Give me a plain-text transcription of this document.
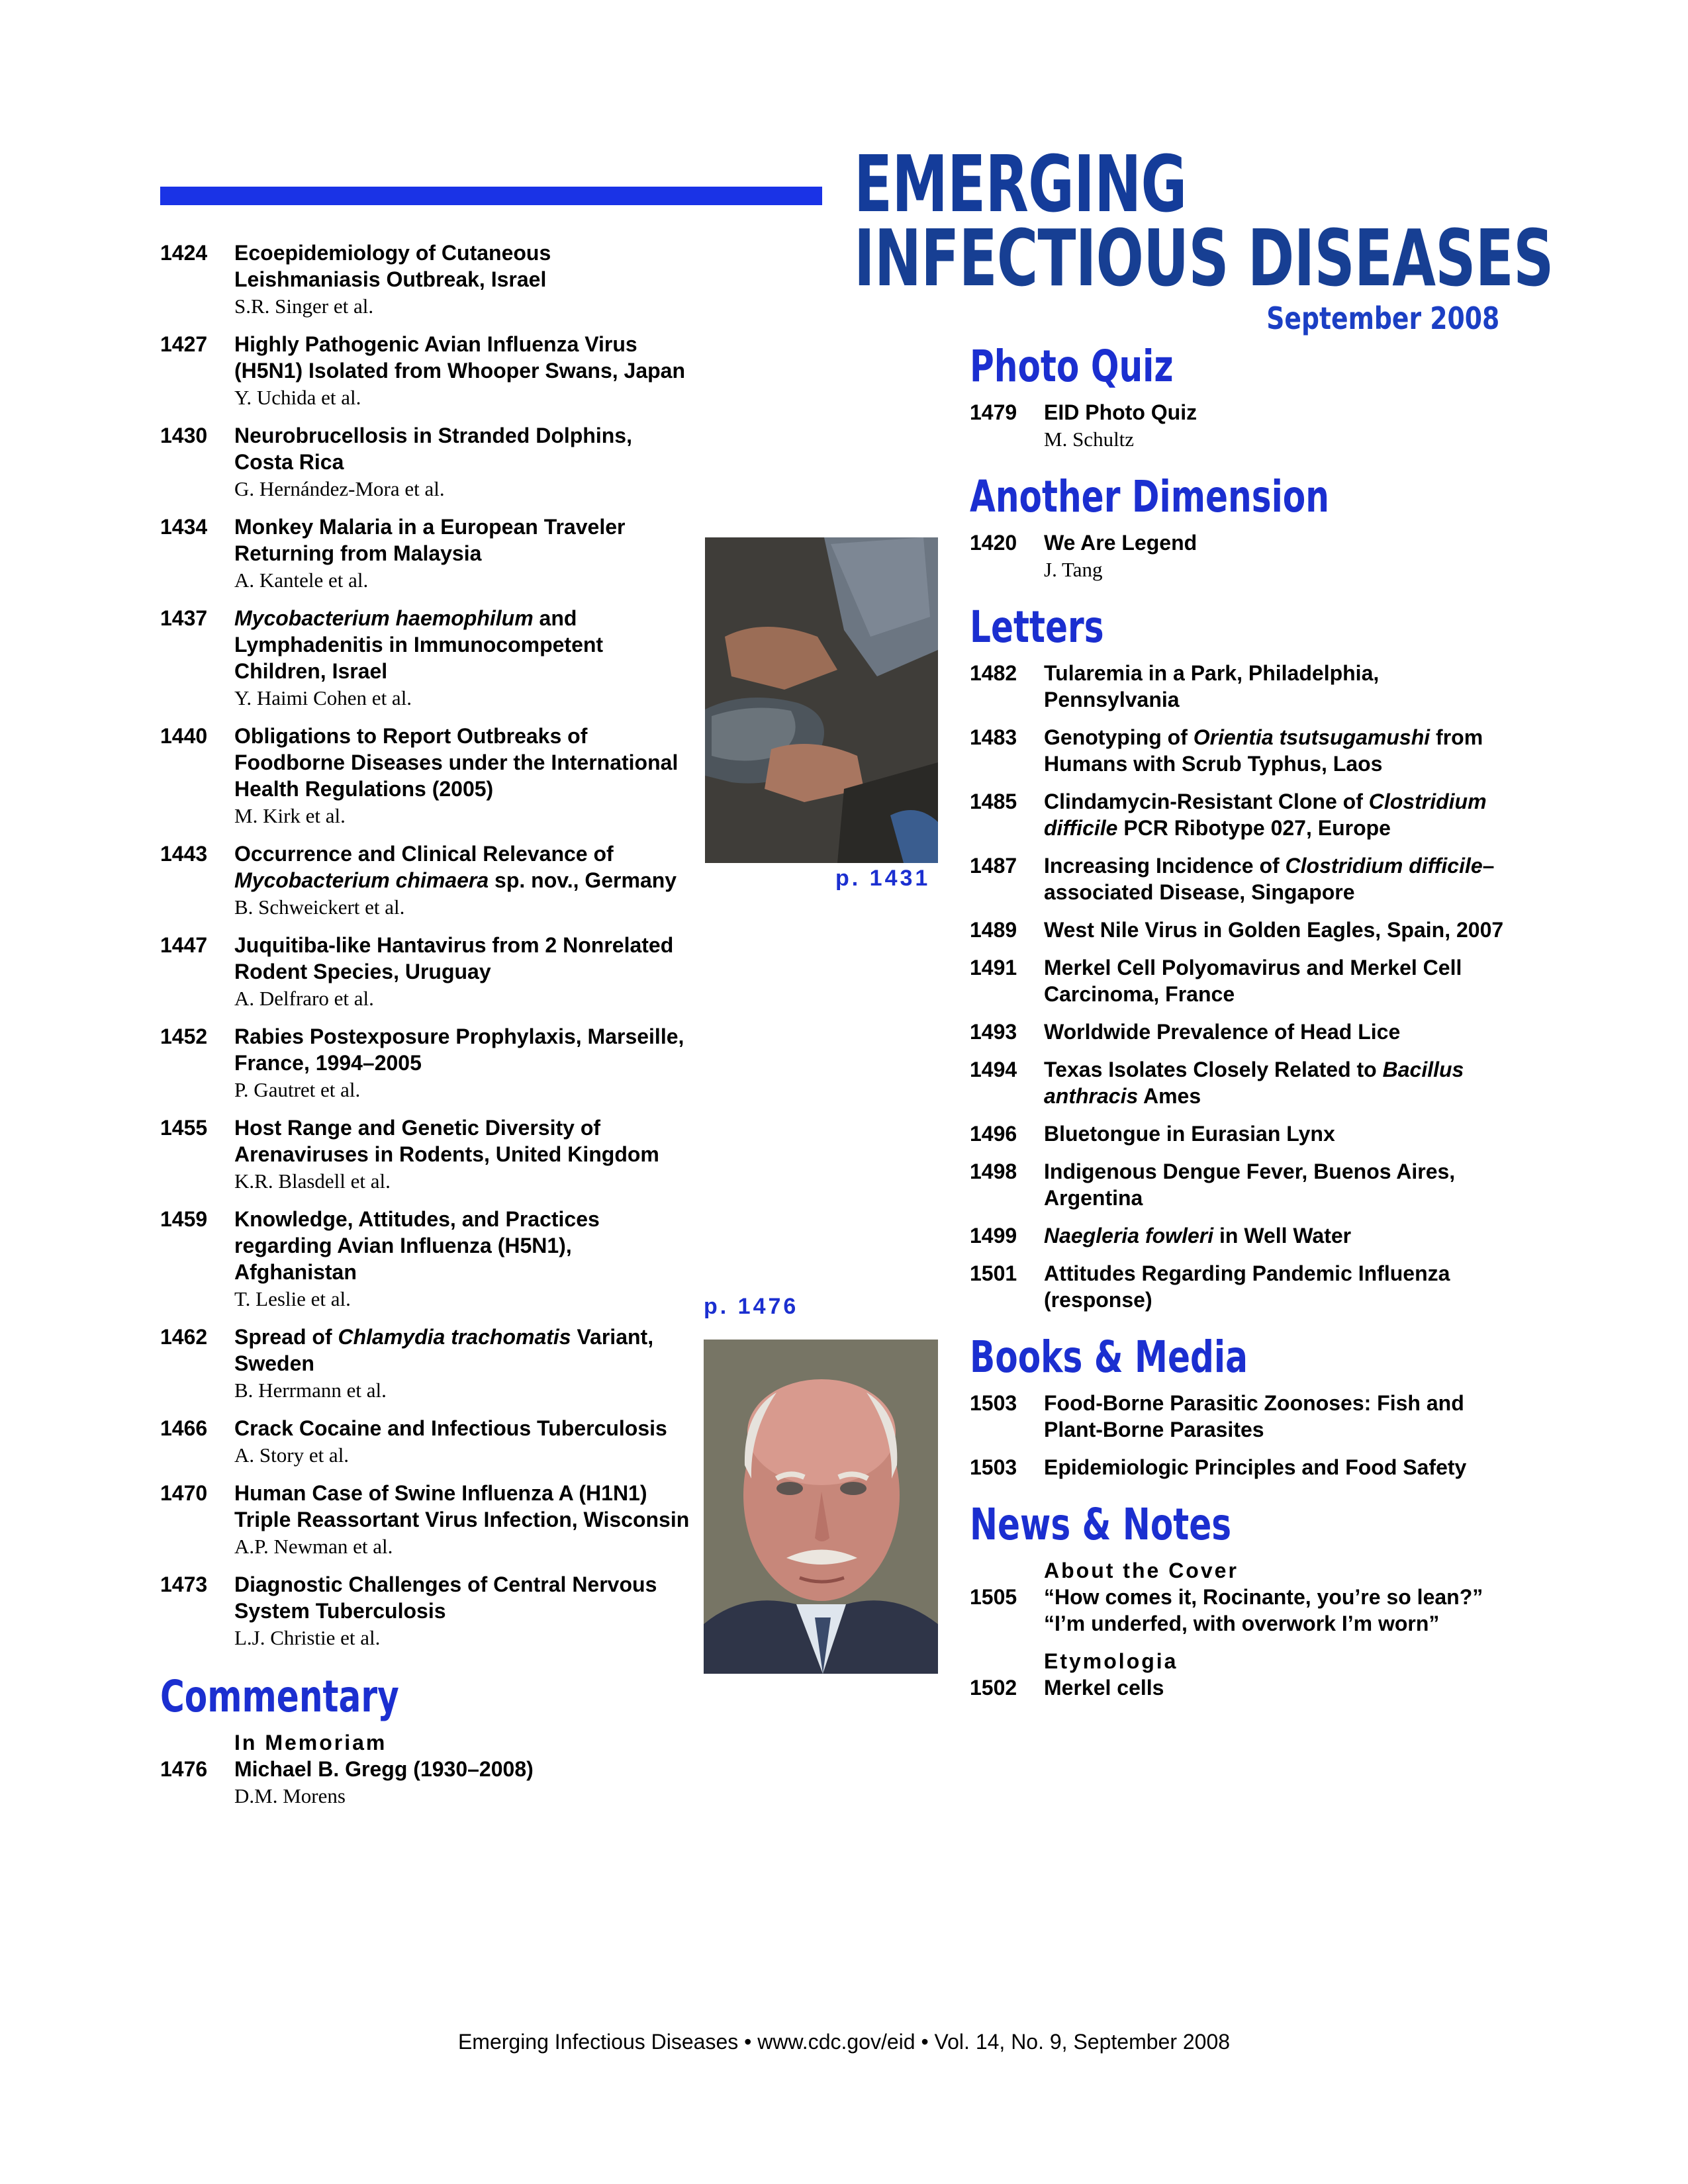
EMERGING
INFECTIOUS DISEASES
September 2008
1424 Ecoepidemiology of Cutaneous Leishmaniasis Outbreak, Israel
S.R. Singer et al.
1427 Highly Pathogenic Avian Influenza Virus (H5N1) Isolated from Whooper Swans, Japan
Y. Uchida et al.
1430 Neurobrucellosis in Stranded Dolphins, Costa Rica
G. Hernández-Mora et al.
1434 Monkey Malaria in a European Traveler Returning from Malaysia
A. Kantele et al.
1437 Mycobacterium haemophilum and Lymphadenitis in Immunocompetent Children, Israel
Y. Haimi Cohen et al.
1440 Obligations to Report Outbreaks of Foodborne Diseases under the International Health Regulations (2005)
M. Kirk et al.
1443 Occurrence and Clinical Relevance of Mycobacterium chimaera sp. nov., Germany
B. Schweickert et al.
1447 Juquitiba-like Hantavirus from 2 Nonrelated Rodent Species, Uruguay
A. Delfraro et al.
1452 Rabies Postexposure Prophylaxis, Marseille, France, 1994–2005
P. Gautret et al.
1455 Host Range and Genetic Diversity of Arenaviruses in Rodents, United Kingdom
K.R. Blasdell et al.
1459 Knowledge, Attitudes, and Practices regarding Avian Influenza (H5N1), Afghanistan
T. Leslie et al.
1462 Spread of Chlamydia trachomatis Variant, Sweden
B. Herrmann et al.
1466 Crack Cocaine and Infectious Tuberculosis
A. Story et al.
1470 Human Case of Swine Influenza A (H1N1) Triple Reassortant Virus Infection, Wisconsin
A.P. Newman et al.
1473 Diagnostic Challenges of Central Nervous System Tuberculosis
L.J. Christie et al.
Commentary
In Memoriam
1476 Michael B. Gregg (1930–2008)
D.M. Morens
p. 1431
p. 1476
Photo Quiz
1479 EID Photo Quiz
M. Schultz
Another Dimension
1420 We Are Legend
J. Tang
Letters
1482 Tularemia in a Park, Philadelphia, Pennsylvania
1483 Genotyping of Orientia tsutsugamushi from Humans with Scrub Typhus, Laos
1485 Clindamycin-Resistant Clone of Clostridium difficile PCR Ribotype 027, Europe
1487 Increasing Incidence of Clostridium difficile–associated Disease, Singapore
1489 West Nile Virus in Golden Eagles, Spain, 2007
1491 Merkel Cell Polyomavirus and Merkel Cell Carcinoma, France
1493 Worldwide Prevalence of Head Lice
1494 Texas Isolates Closely Related to Bacillus anthracis Ames
1496 Bluetongue in Eurasian Lynx
1498 Indigenous Dengue Fever, Buenos Aires, Argentina
1499 Naegleria fowleri in Well Water
1501 Attitudes Regarding Pandemic Influenza (response)
Books & Media
1503 Food-Borne Parasitic Zoonoses: Fish and Plant-Borne Parasites
1503 Epidemiologic Principles and Food Safety
News & Notes
About the Cover
1505 “How comes it, Rocinante, you’re so lean?” “I’m underfed, with overwork I’m worn”
Etymologia
1502 Merkel cells
Emerging Infectious Diseases • www.cdc.gov/eid • Vol. 14, No. 9, September 2008
